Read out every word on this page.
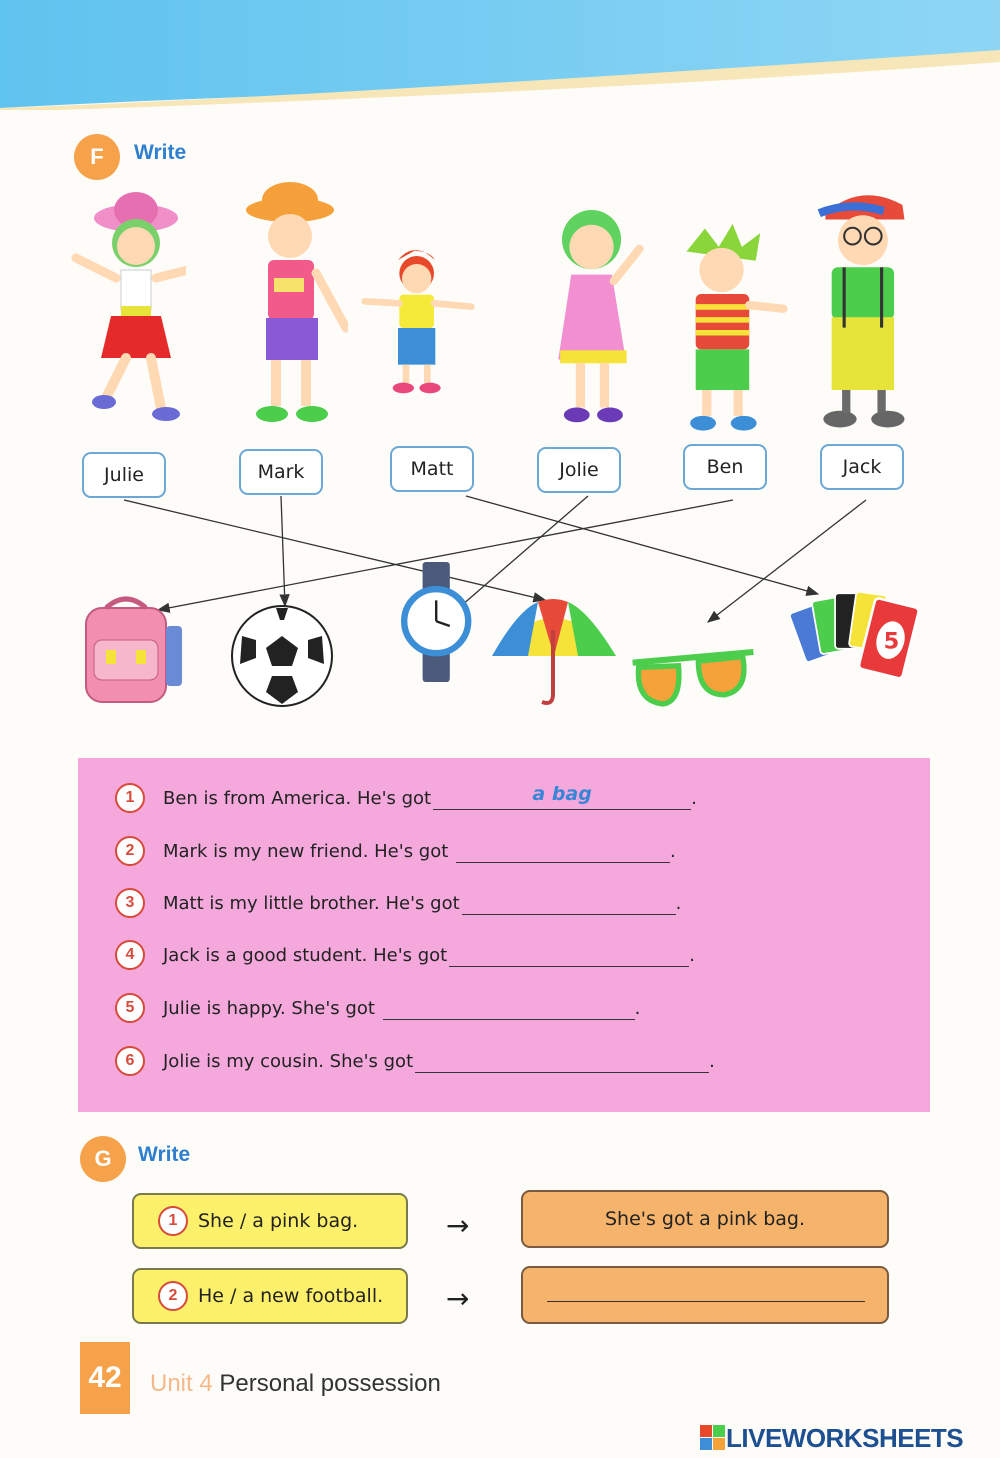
F	Write
Julie	Mark	Matt	Jolie	Ben	Jack
5
1	Ben is from America. He's got	a bag	.
2	Mark is my new friend. He's got	.
3	Matt is my little brother. He's got	.
4	Jack is a good student. He's got	.
5	Julie is happy. She's got	.
6	Jolie is my cousin. She's got	.
G	Write
1	She / a pink bag.	→	She's got a pink bag.
2	He / a new football. →
42	Unit 4 Personal possession
LIVEWORKSHEETS
